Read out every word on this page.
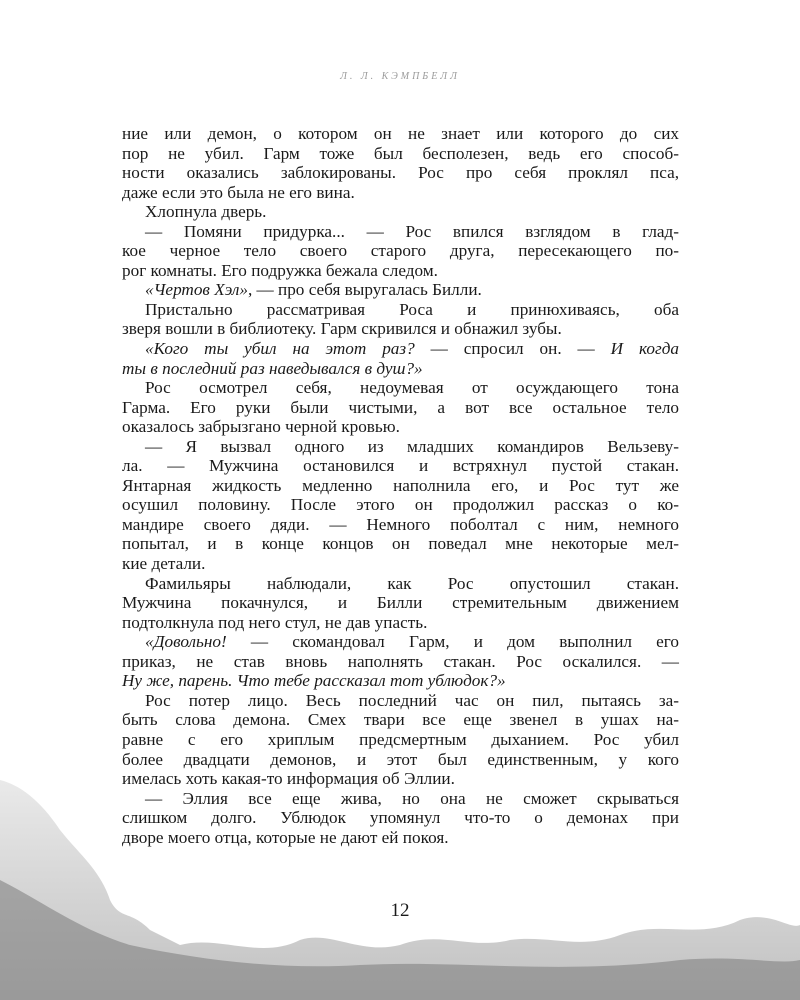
Л. Л. КЭМПБЕЛЛ
ние или демон, о котором он не знает или которого до сих
пор не убил. Гарм тоже был бесполезен, ведь его способ-
ности оказались заблокированы. Рос про себя проклял пса,
даже если это была не его вина.
Хлопнула дверь.
— Помяни придурка... — Рос впился взглядом в глад-
кое черное тело своего старого друга, пересекающего по-
рог комнаты. Его подружка бежала следом.
«Чертов Хэл», — про себя выругалась Билли.
Пристально рассматривая Роса и принюхиваясь, оба
зверя вошли в библиотеку. Гарм скривился и обнажил зубы.
«Кого ты убил на этот раз? — спросил он. — И когда
ты в последний раз наведывался в душ?»
Рос осмотрел себя, недоумевая от осуждающего тона
Гарма. Его руки были чистыми, а вот все остальное тело
оказалось забрызгано черной кровью.
— Я вызвал одного из младших командиров Вельзеву-
ла. — Мужчина остановился и встряхнул пустой стакан.
Янтарная жидкость медленно наполнила его, и Рос тут же
осушил половину. После этого он продолжил рассказ о ко-
мандире своего дяди. — Немного поболтал с ним, немного
попытал, и в конце концов он поведал мне некоторые мел-
кие детали.
Фамильяры наблюдали, как Рос опустошил стакан.
Мужчина покачнулся, и Билли стремительным движением
подтолкнула под него стул, не дав упасть.
«Довольно! — скомандовал Гарм, и дом выполнил его
приказ, не став вновь наполнять стакан. Рос оскалился. —
Ну же, парень. Что тебе рассказал тот ублюдок?»
Рос потер лицо. Весь последний час он пил, пытаясь за-
быть слова демона. Смех твари все еще звенел в ушах на-
равне с его хриплым предсмертным дыханием. Рос убил
более двадцати демонов, и этот был единственным, у кого
имелась хоть какая-то информация об Эллии.
— Эллия все еще жива, но она не сможет скрываться
слишком долго. Ублюдок упомянул что-то о демонах при
дворе моего отца, которые не дают ей покоя.
12
